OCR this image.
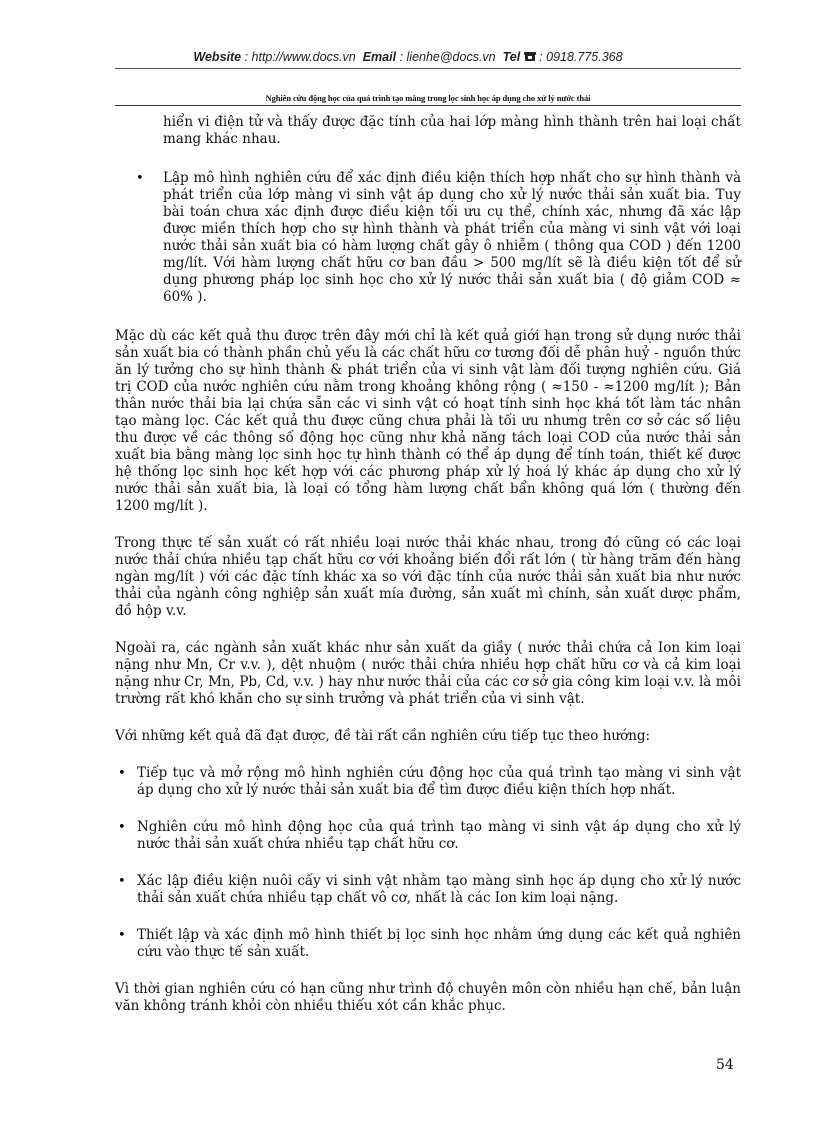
Website : http://www.docs.vn Email : lienhe@docs.vn Tel : 0918.775.368
Nghiên cứu động học của quá trình tạo màng trong lọc sinh học áp dụng cho xử lý nước thải

hiển vi điện tử và thấy được đặc tính của hai lớp màng hình thành trên hai loại chất mang khác nhau.

• Lập mô hình nghiên cứu để xác định điều kiện thích hợp nhất cho sự hình thành và phát triển của lớp màng vi sinh vật áp dụng cho xử lý nước thải sản xuất bia. Tuy bài toán chưa xác định được điều kiện tối ưu cụ thể, chính xác, nhưng đã xác lập được miền thích hợp cho sự hình thành và phát triển của màng vi sinh vật với loại nước thải sản xuất bia có hàm lượng chất gây ô nhiễm ( thông qua COD ) đến 1200 mg/lít. Với hàm lượng chất hữu cơ ban đầu > 500 mg/lít sẽ là điều kiện tốt để sử dụng phương pháp lọc sinh học cho xử lý nước thải sản xuất bia ( độ giảm COD ≈ 60% ).

Mặc dù các kết quả thu được trên đây mới chỉ là kết quả giới hạn trong sử dụng nước thải sản xuất bia có thành phần chủ yếu là các chất hữu cơ tương đối dễ phân huỷ - nguồn thức ăn lý tưởng cho sự hình thành & phát triển của vi sinh vật làm đối tượng nghiên cứu. Giá trị COD của nước nghiên cứu nằm trong khoảng không rộng ( ≈150 - ≈1200 mg/lít ); Bản thân nước thải bia lại chứa sẵn các vi sinh vật có hoạt tính sinh học khá tốt làm tác nhân tạo màng lọc. Các kết quả thu được cũng chưa phải là tối ưu nhưng trên cơ sở các số liệu thu được về các thông số động học cũng như khả năng tách loại COD của nước thải sản xuất bia bằng màng lọc sinh học tự hình thành có thể áp dụng để tính toán, thiết kế được hệ thống lọc sinh học kết hợp với các phương pháp xử lý hoá lý khác áp dụng cho xử lý nước thải sản xuất bia, là loại có tổng hàm lượng chất bẩn không quá lớn ( thường đến 1200 mg/lít ).

Trong thực tế sản xuất có rất nhiều loại nước thải khác nhau, trong đó cũng có các loại nước thải chứa nhiều tạp chất hữu cơ với khoảng biến đổi rất lớn ( từ hàng trăm đến hàng ngàn mg/lít ) với các đặc tính khác xa so với đặc tính của nước thải sản xuất bia như nước thải của ngành công nghiệp sản xuất mía đường, sản xuất mì chính, sản xuất dược phẩm, đồ hộp v.v.

Ngoài ra, các ngành sản xuất khác như sản xuất da giầy ( nước thải chứa cả Ion kim loại nặng như Mn, Cr v.v. ), dệt nhuộm ( nước thải chứa nhiều hợp chất hữu cơ và cả kim loại nặng như Cr, Mn, Pb, Cd, v.v. ) hay như nước thải của các cơ sở gia công kim loại v.v. là môi trường rất khó khăn cho sự sinh trưởng và phát triển của vi sinh vật.

Với những kết quả đã đạt được, đề tài rất cần nghiên cứu tiếp tục theo hướng:

• Tiếp tục và mở rộng mô hình nghiên cứu động học của quá trình tạo màng vi sinh vật áp dụng cho xử lý nước thải sản xuất bia để tìm được điều kiện thích hợp nhất.
• Nghiên cứu mô hình động học của quá trình tạo màng vi sinh vật áp dụng cho xử lý nước thải sản xuất chứa nhiều tạp chất hữu cơ.
• Xác lập điều kiện nuôi cấy vi sinh vật nhằm tạo màng sinh học áp dụng cho xử lý nước thải sản xuất chứa nhiều tạp chất vô cơ, nhất là các Ion kim loại nặng.
• Thiết lập và xác định mô hình thiết bị lọc sinh học nhằm ứng dụng các kết quả nghiên cứu vào thực tế sản xuất.

Vì thời gian nghiên cứu có hạn cũng như trình độ chuyên môn còn nhiều hạn chế, bản luận văn không tránh khỏi còn nhiều thiếu xót cần khắc phục.

54
